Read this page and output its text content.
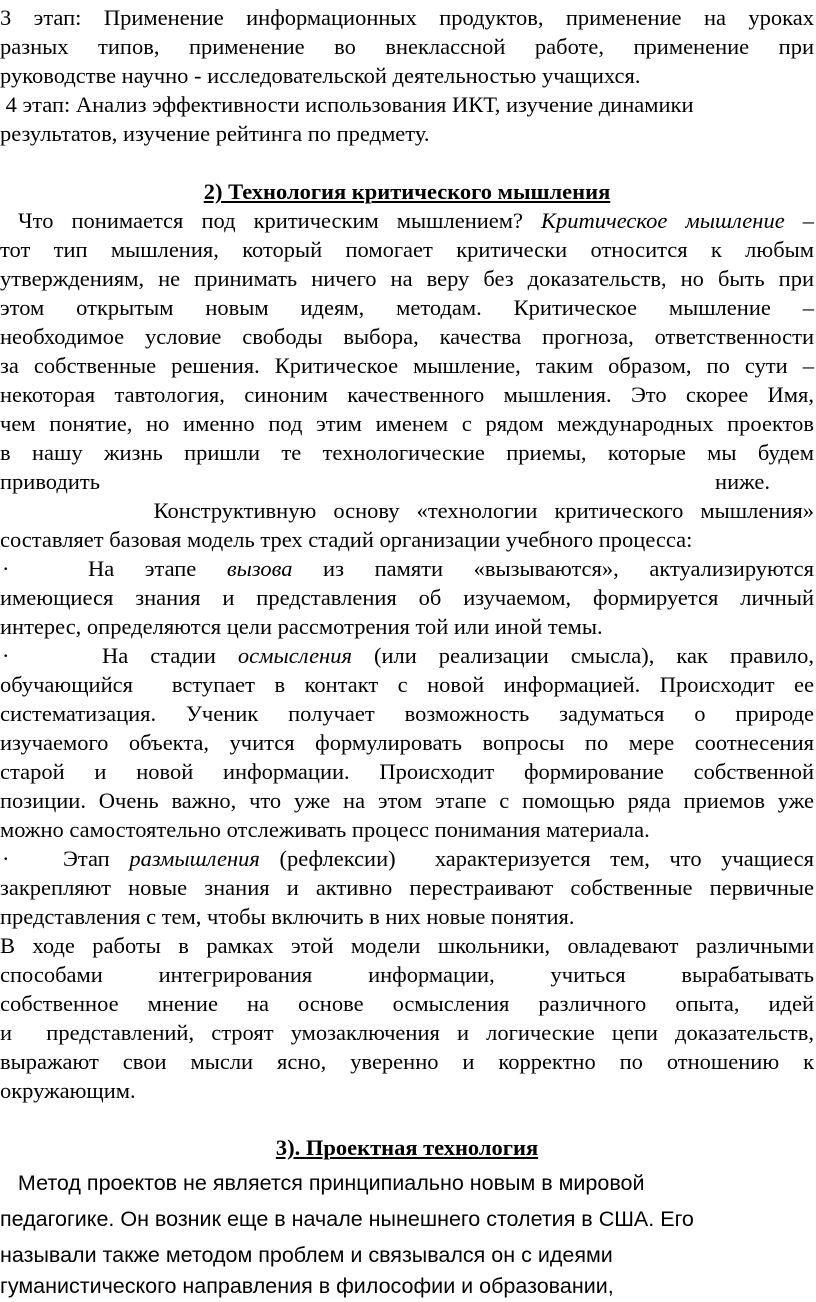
3 этап: Применение информационных продуктов, применение на уроках
разных типов, применение во внеклассной работе, применение при
руководстве научно - исследовательской деятельностью учащихся.
4 этап: Анализ эффективности использования ИКТ, изучение динамики
результатов, изучение рейтинга по предмету.
2) Технология критического мышления
Что понимается под критическим мышлением? Критическое мышление –
тот тип мышления, который помогает критически относится к любым
утверждениям, не принимать ничего на веру без доказательств, но быть при
этом открытым новым идеям, методам. Критическое мышление –
необходимое условие свободы выбора, качества прогноза, ответственности
за собственные решения. Критическое мышление, таким образом, по сути –
некоторая тавтология, синоним качественного мышления. Это скорее Имя,
чем понятие, но именно под этим именем с рядом международных проектов
в нашу жизнь пришли те технологические приемы, которые мы будем
приводить	ниже.
Конструктивную основу «технологии критического мышления»
составляет базовая модель трех стадий организации учебного процесса:
·	На этапе вызова из памяти «вызываются», актуализируются
имеющиеся знания и представления об изучаемом, формируется личный
интерес, определяются цели рассмотрения той или иной темы.
·	На стадии осмысления (или реализации смысла), как правило,
обучающийся  вступает в контакт с новой информацией. Происходит ее
систематизация. Ученик получает возможность задуматься о природе
изучаемого объекта, учится формулировать вопросы по мере соотнесения
старой и новой информации. Происходит формирование собственной
позиции. Очень важно, что уже на этом этапе с помощью ряда приемов уже
можно самостоятельно отслеживать процесс понимания материала.
· Этап размышления (рефлексии)  характеризуется тем, что учащиеся
закрепляют новые знания и активно перестраивают собственные первичные
представления с тем, чтобы включить в них новые понятия.
В ходе работы в рамках этой модели школьники, овладевают различными
способами интегрирования информации, учиться вырабатывать
собственное мнение на основе осмысления различного опыта, идей
и  представлений, строят умозаключения и логические цепи доказательств,
выражают свои мысли ясно, уверенно и корректно по отношению к
окружающим.
3). Проектная технология
Метод проектов не является принципиально новым в мировой
педагогике. Он возник еще в начале нынешнего столетия в США. Его
называли также методом проблем и связывался он с идеями
гуманистического направления в философии и образовании,
